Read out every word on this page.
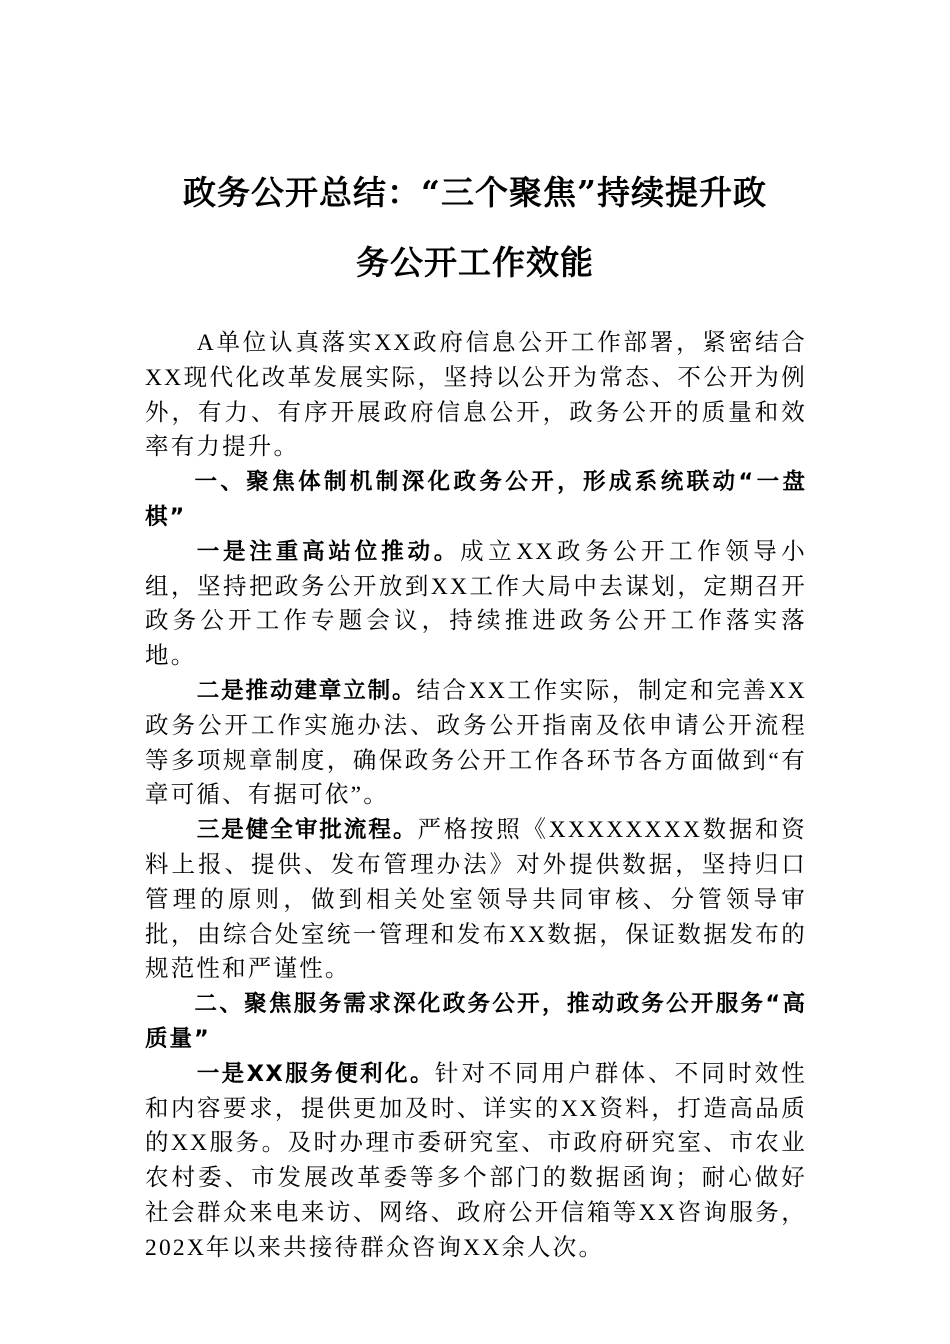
政务公开总结：“三个聚焦”持续提升政
务公开工作效能

A单位认真落实XX政府信息公开工作部署，紧密结合XX现代化改革发展实际，坚持以公开为常态、不公开为例外，有力、有序开展政府信息公开，政务公开的质量和效率有力提升。

一、聚焦体制机制深化政务公开，形成系统联动“一盘棋”

一是注重高站位推动。成立XX政务公开工作领导小组，坚持把政务公开放到XX工作大局中去谋划，定期召开政务公开工作专题会议，持续推进政务公开工作落实落地。

二是推动建章立制。结合XX工作实际，制定和完善XX政务公开工作实施办法、政务公开指南及依申请公开流程等多项规章制度，确保政务公开工作各环节各方面做到“有章可循、有据可依”。

三是健全审批流程。严格按照《XXXXXXXX数据和资料上报、提供、发布管理办法》对外提供数据，坚持归口管理的原则，做到相关处室领导共同审核、分管领导审批，由综合处室统一管理和发布XX数据，保证数据发布的规范性和严谨性。

二、聚焦服务需求深化政务公开，推动政务公开服务“高质量”

一是XX服务便利化。针对不同用户群体、不同时效性和内容要求，提供更加及时、详实的XX资料，打造高品质的XX服务。及时办理市委研究室、市政府研究室、市农业农村委、市发展改革委等多个部门的数据函询；耐心做好社会群众来电来访、网络、政府公开信箱等XX咨询服务，202X年以来共接待群众咨询XX余人次。
